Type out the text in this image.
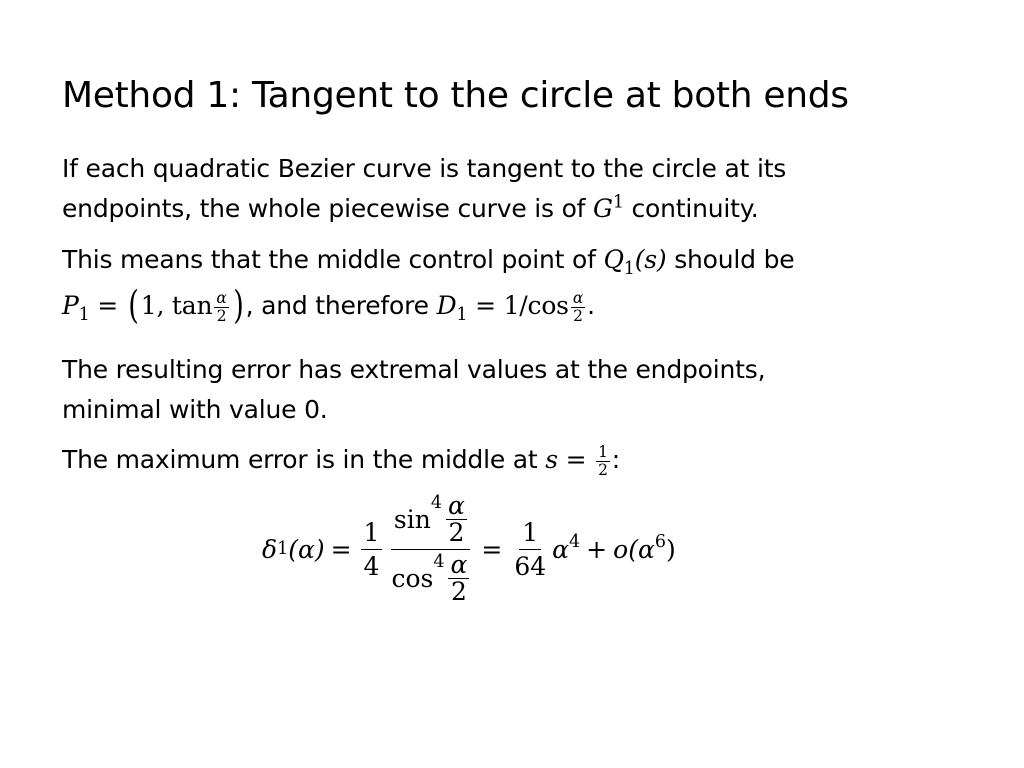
Method 1: Tangent to the circle at both ends
If each quadratic Bezier curve is tangent to the circle at its
endpoints, the whole piecewise curve is of $G^1$ continuity.
This means that the middle control point of $Q_1(s)$ should be
$P_1 = (1$, $\tan \frac{\alpha}{2}$ ), and therefore $D_1 = 1/\cos \frac{\alpha}{2}$ .
The resulting error has extremal values at the endpoints,
minimal with value 0.
The maximum error is in the middle at $s = \frac{1}{2}$ :
δ 1 $(\alpha) = \frac{1}{4}$ sin
$4 \frac{\alpha}{2}$
cos
$4 \frac{\alpha}{2} = \frac{1}{64}$ α 4 + o (α 6 )
